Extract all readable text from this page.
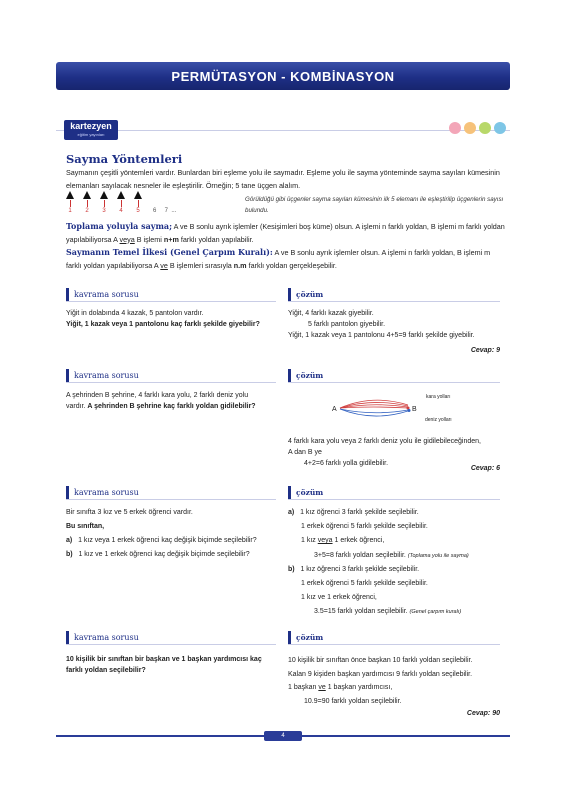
PERMÜTASYON - KOMBİNASYON
kartezyen
eğitim yayınları
Sayma Yöntemleri
Saymanın çeşitli yöntemleri vardır. Bunlardan biri eşleme yolu ile saymadır. Eşleme yolu ile sayma yönteminde sayma sayıları kümesinin elemanları sayılacak nesneler ile eşleştirilir. Örneğin; 5 tane üçgen alalım.
1	2	3	4	5	6     7  ...
Görüldüğü gibi üçgenler sayma sayıları kümesinin ilk 5 elemanı ile eşleştirilip üçgenlerin sayısı bulundu.
Toplama yoluyla sayma; A ve B sonlu ayrık işlemler (Kesişimleri boş küme) olsun. A işlemi n farklı yoldan, B işlemi m farklı yoldan yapılabiliyorsa A veya B işlemi n+m farklı yoldan yapılabilir.
Saymanın Temel İlkesi (Genel Çarpım Kuralı): A ve B sonlu ayrık işlemler olsun. A işlemi n farklı yoldan, B işlemi m farklı yoldan yapılabiliyorsa A ve B işlemleri sırasıyla n.m farklı yoldan gerçekleşebilir.
kavrama sorusu	çözüm
Yiğit in dolabında 4 kazak, 5 pantolon vardır.
Yiğit, 1 kazak veya 1 pantolonu kaç farklı şekilde giyebilir?
Yiğit, 4 farklı kazak giyebilir.
5 farklı pantolon giyebilir.
Yiğit, 1 kazak veya 1 pantolonu 4+5=9 farklı şekilde giyebilir.
Cevap: 9
kavrama sorusu	çözüm
A şehrinden B şehrine, 4 farklı kara yolu, 2 farklı deniz yolu
vardır. A şehrinden B şehrine kaç farklı yoldan gidilebilir?	A	B
kara yolları
deniz yolları
4 farklı kara yolu veya 2 farklı deniz yolu ile gidilebileceğinden,
A dan B ye
4+2=6 farklı yolla gidilebilir.
Cevap: 6
kavrama sorusu	çözüm
Bir sınıfta 3 kız ve 5 erkek öğrenci vardır.
Bu sınıftan,
a) 1 kız veya 1 erkek öğrenci kaç değişik biçimde seçilebilir?
b) 1 kız ve 1 erkek öğrenci kaç değişik biçimde seçilebilir?
a) 1 kız öğrenci 3 farklı şekilde seçilebilir.
1 erkek öğrenci 5 farklı şekilde seçilebilir.
1 kız veya 1 erkek öğrenci,
3+5=8 farklı yoldan seçilebilir. (Toplama yolu ile sayma)
b) 1 kız öğrenci 3 farklı şekilde seçilebilir.
1 erkek öğrenci 5 farklı şekilde seçilebilir.
1 kız ve 1 erkek öğrenci,
3.5=15 farklı yoldan seçilebilir. (Genel çarpım kuralı)
kavrama sorusu	çözüm
10 kişilik bir sınıftan bir başkan ve 1 başkan yardımcısı kaç
farklı yoldan seçilebilir?
10 kişilik bir sınıftan önce başkan 10 farklı yoldan seçilebilir.
Kalan 9 kişiden başkan yardımcısı 9 farklı yoldan seçilebilir.
1 başkan ve 1 başkan yardımcısı,
10.9=90 farklı yoldan seçilebilir.
Cevap: 90
4
